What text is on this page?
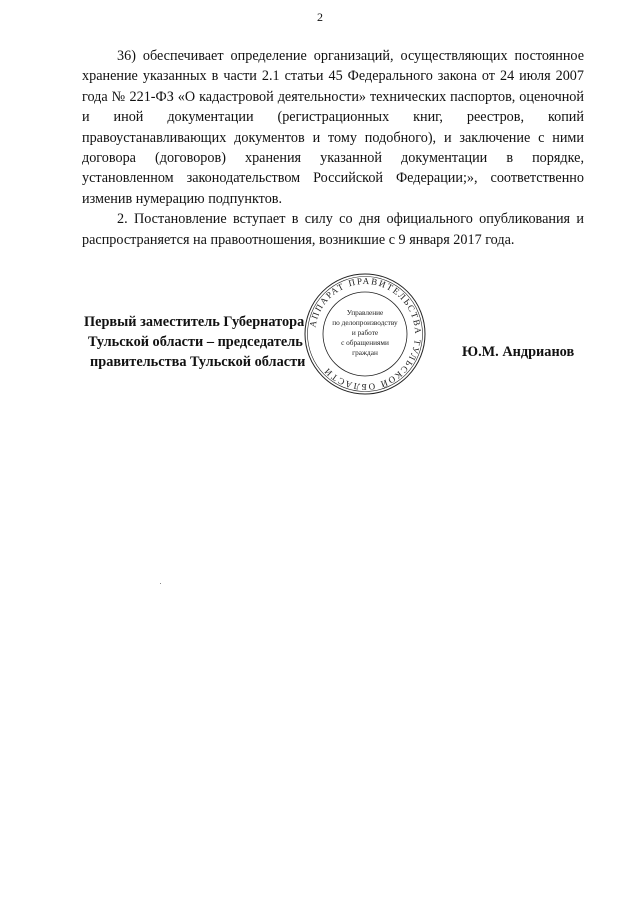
2

36) обеспечивает определение организаций, осуществляющих постоянное хранение указанных в части 2.1 статьи 45 Федерального закона от 24 июля 2007 года № 221-ФЗ «О кадастровой деятельности» технических паспортов, оценочной и иной документации (регистрационных книг, реестров, копий правоустанавливающих документов и тому подобного), и заключение с ними договора (договоров) хранения указанной документации в порядке, установленном законодательством Российской Федерации;», соответственно изменив нумерацию подпунктов.

2. Постановление вступает в силу со дня официального опубликования и распространяется на правоотношения, возникшие с 9 января 2017 года.

Первый заместитель Губернатора
Тульской области – председатель
правительства Тульской области
АППАРАТ ПРАВИТЕЛЬСТВА ТУЛЬСКОЙ ОБЛАСТИ
Управление
по делопроизводству
и работе
с обращениями
граждан	Ю.М. Андрианов
